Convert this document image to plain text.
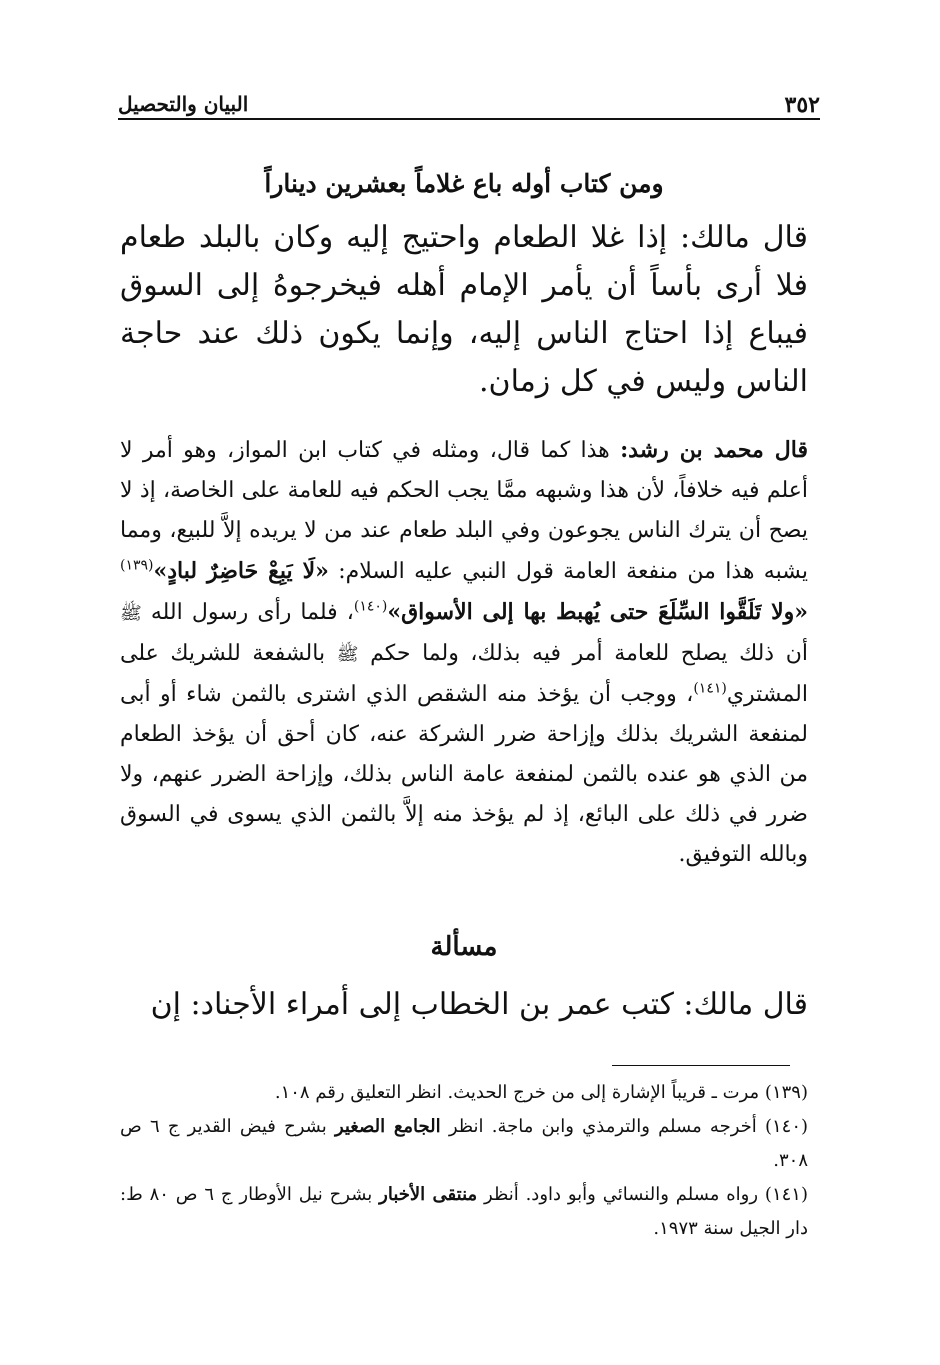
البيان والتحصيل	٣٥٢
ومن كتاب أوله باع غلاماً بعشرين ديناراً

قال مالك: إذا غلا الطعام واحتيج إليه وكان بالبلد طعام فلا أرى بأساً أن يأمر الإمام أهله فيخرجوهُ إلى السوق فيباع إذا احتاج الناس إليه، وإنما يكون ذلك عند حاجة الناس وليس في كل زمان.

قال محمد بن رشد: هذا كما قال، ومثله في كتاب ابن المواز، وهو أمر لا أعلم فيه خلافاً، لأن هذا وشبهه ممَّا يجب الحكم فيه للعامة على الخاصة، إذ لا يصح أن يترك الناس يجوعون وفي البلد طعام عند من لا يريده إلاَّ للبيع، ومما يشبه هذا من منفعة العامة قول النبي عليه السلام: «لَا يَبِعْ حَاضِرٌ لبادٍ»$^{(١٣٩)}$ «ولا تَلَقَّوا السِّلَعَ حتى يُهبط بها إلى الأسواق»$^{(١٤٠)}$، فلما رأى رسول الله ﷺ أن ذلك يصلح للعامة أمر فيه بذلك، ولما حكم ﷺ بالشفعة للشريك على المشتري$^{(١٤١)}$، ووجب أن يؤخذ منه الشقص الذي اشترى بالثمن شاء أو أبى لمنفعة الشريك بذلك وإزاحة ضرر الشركة عنه، كان أحق أن يؤخذ الطعام من الذي هو عنده بالثمن لمنفعة عامة الناس بذلك، وإزاحة الضرر عنهم، ولا ضرر في ذلك على البائع، إذ لم يؤخذ منه إلاَّ بالثمن الذي يسوى في السوق وبالله التوفيق.

مسألة

قال مالك: كتب عمر بن الخطاب إلى أمراء الأجناد: إن

(١٣٩) مرت ـ قريباً الإشارة إلى من خرج الحديث. انظر التعليق رقم ١٠٨.

(١٤٠) أخرجه مسلم والترمذي وابن ماجة. انظر الجامع الصغير بشرح فيض القدير ج ٦ ص ٣٠٨.

(١٤١) رواه مسلم والنسائي وأبو داود. أنظر منتقى الأخبار بشرح نيل الأوطار ج ٦ ص ٨٠ ط: دار الجيل سنة ١٩٧٣.
